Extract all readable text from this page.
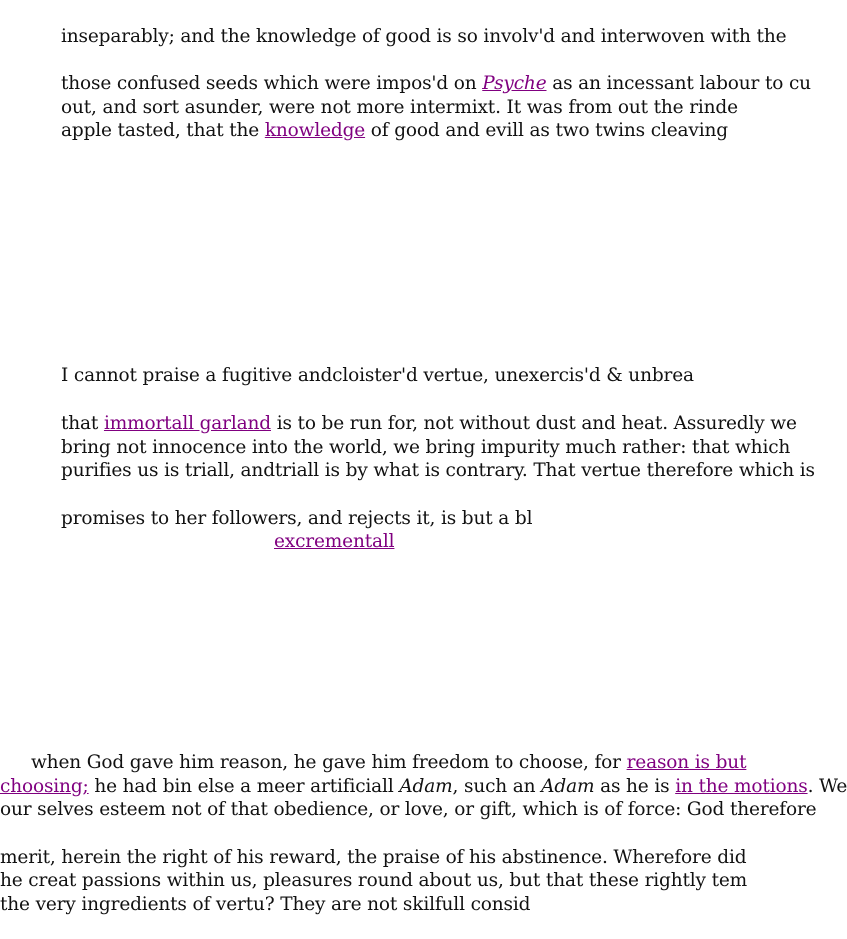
inseparably; and the knowledge of good is so involv'd and interwoven with the
those confused seeds which were impos'd on Psyche as an incessant labour to cu
out, and sort asunder, were not more intermixt. It was from out the rinde
apple tasted, that the knowledge of good and evill as two twins cleaving
I cannot praise a fugitive andcloister'd vertue, unexercis'd & unbrea
that immortall garland is to be run for, not without dust and heat. Assuredly we
bring not innocence into the world, we bring impurity much rather: that which
purifies us is triall, andtriall is by what is contrary. That vertue therefore which is
promises to her followers, and rejects it, is but a bl
excrementall
when God gave him reason, he gave him freedom to choose, for reason is but
choosing; he had bin else a meer artificiall Adam, such an Adam as he is in the motions. We
our selves esteem not of that obedience, or love, or gift, which is of force: God therefore
merit, herein the right of his reward, the praise of his abstinence. Wherefore did
he creat passions within us, pleasures round about us, but that these rightly tem
the very ingredients of vertu? They are not skilfull consid
